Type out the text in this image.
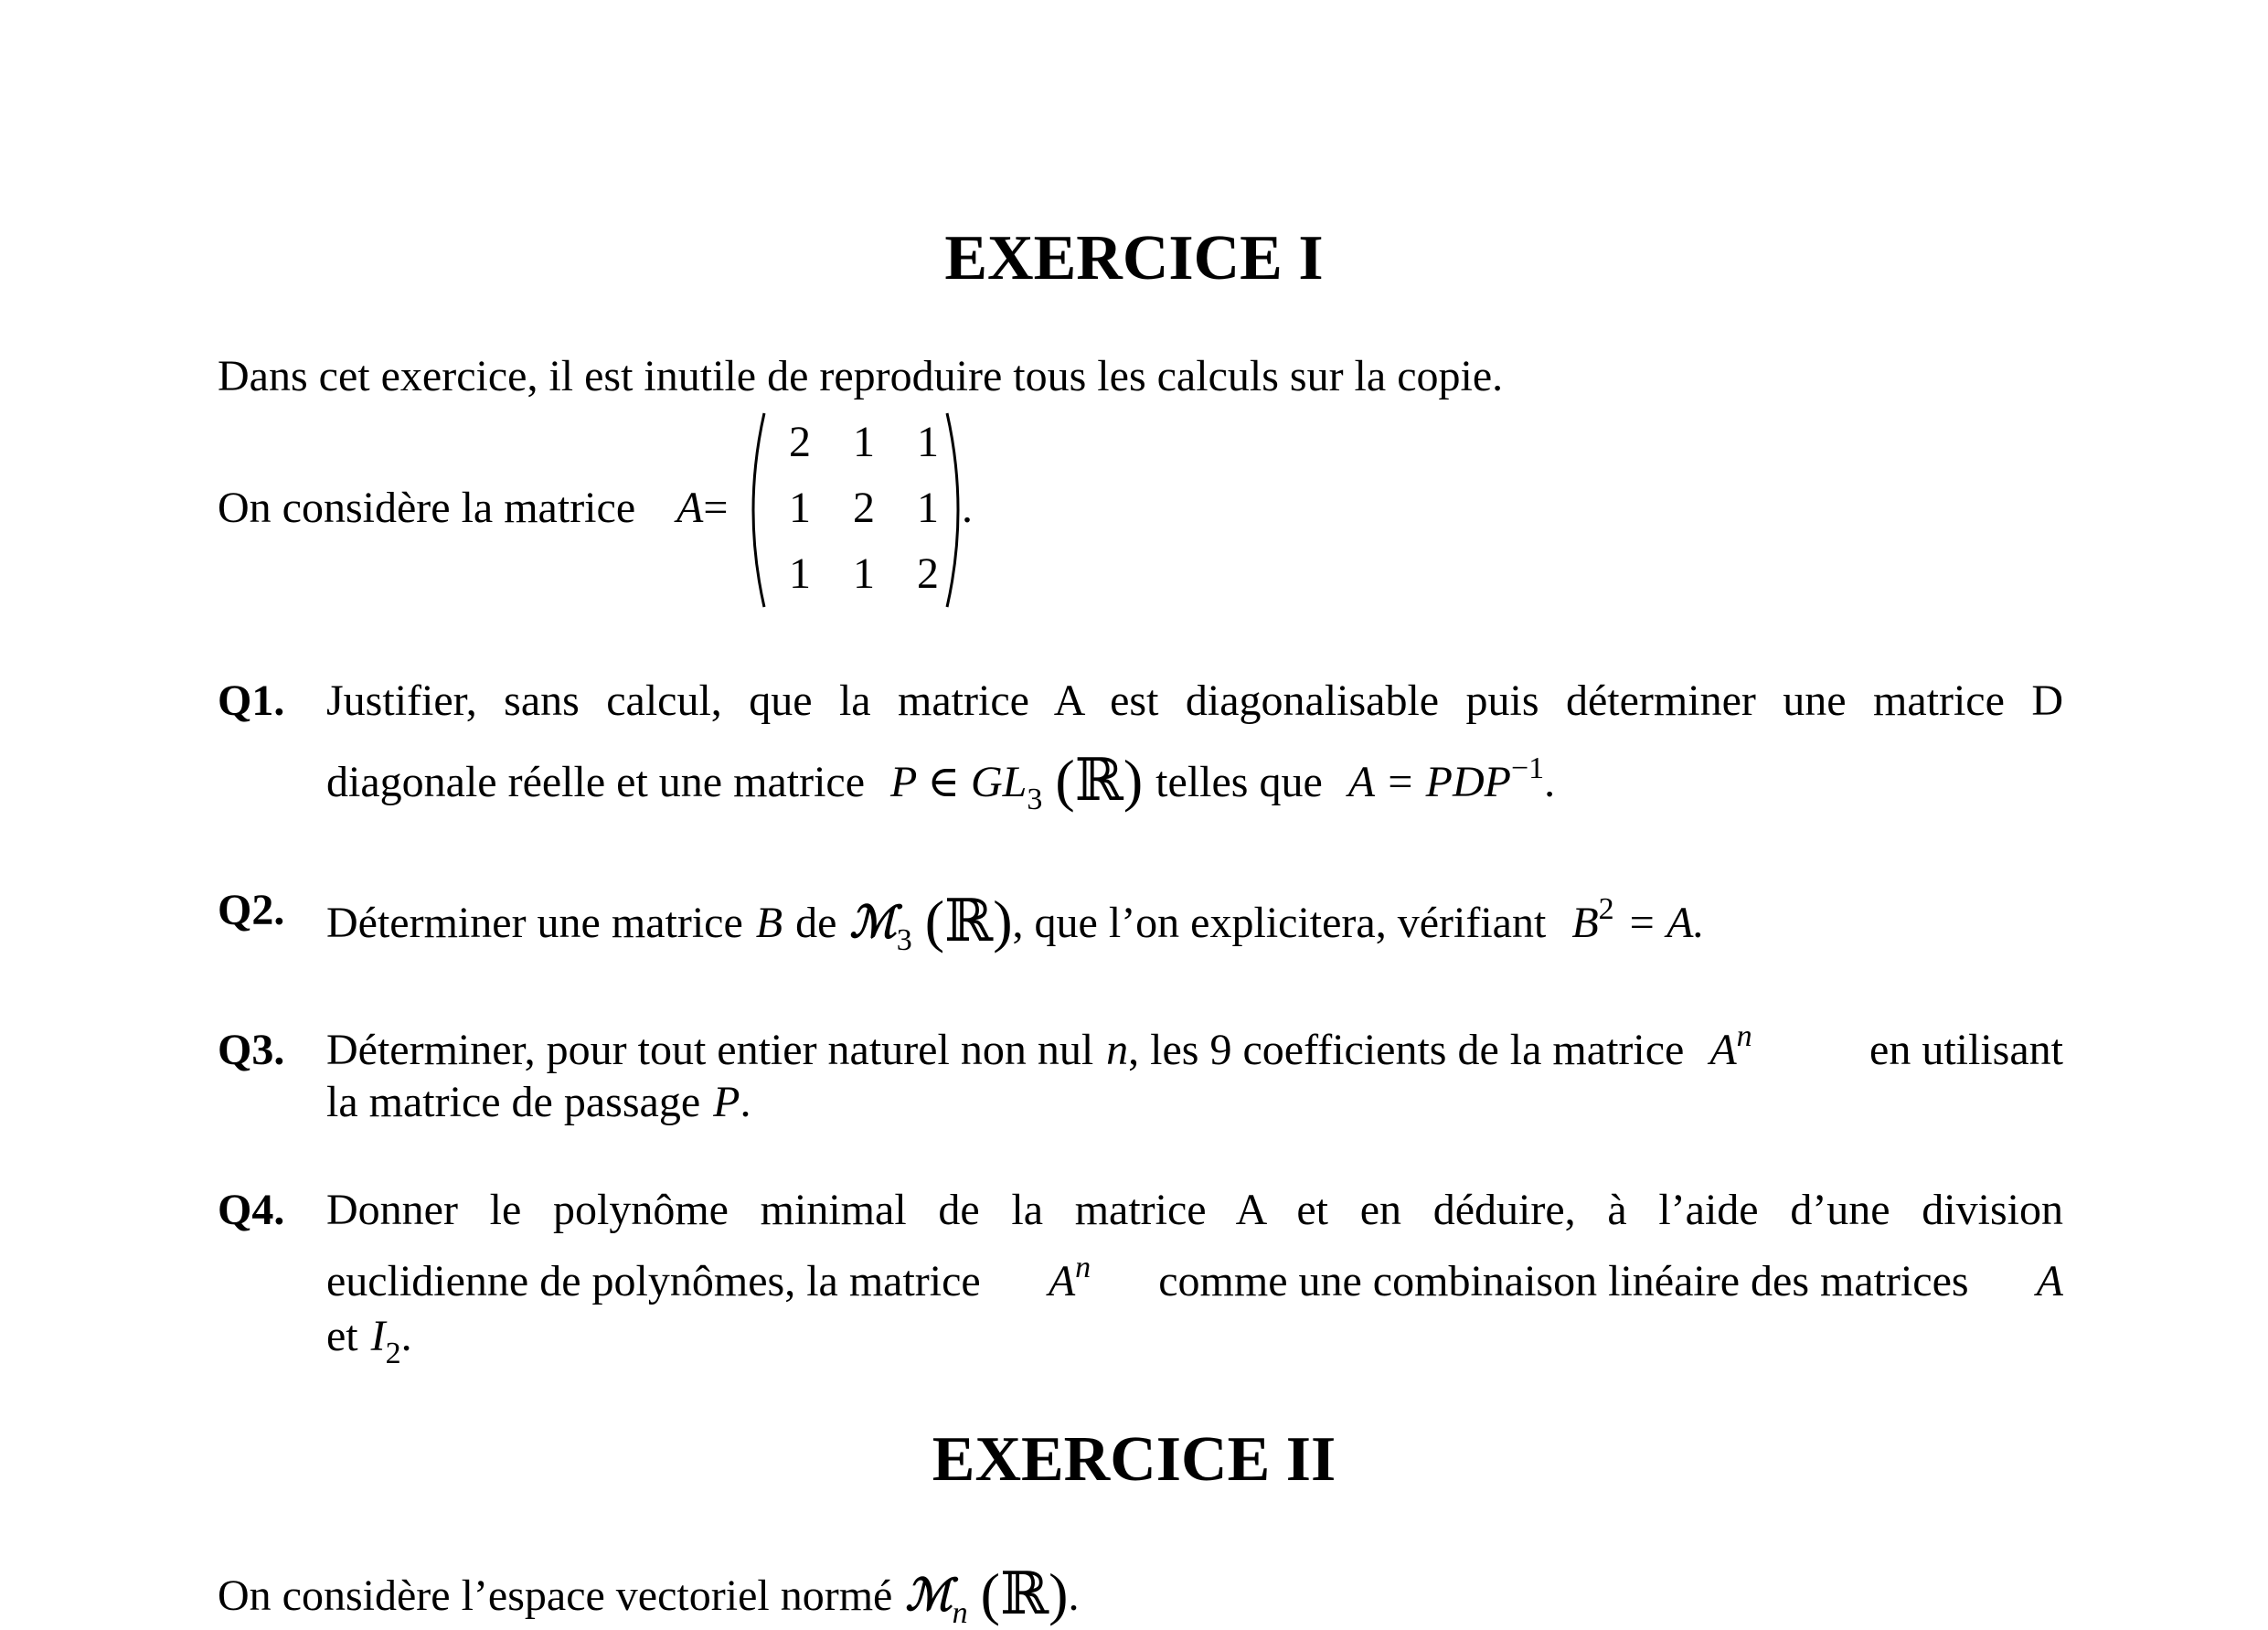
EXERCICE I
Dans cet exercice, il est inutile de reproduire tous les calculs sur la copie.
On considère la matrice A=
2 1 1
1 2 1
1 1 2
.
Q1. Justifier, sans calcul, que la matrice A est diagonalisable puis déterminer une matrice D
diagonale réelle et une matrice P ∈ $GL_3$ (ℝ) telles que $A = PDP^{-1}$.
Q2. Déterminer une matrice B de ℳ$_3$ (ℝ), que l’on explicitera, vérifiant $B^2 = A$.
Q3. Déterminer, pour tout entier naturel non nul n, les 9 coefficients de la matrice $A^n$	en utilisant
la matrice de passage P.
Q4. Donner le polynôme minimal de la matrice A et en déduire, à l’aide d’une division
euclidienne de polynômes, la matrice $A^n$ comme une combinaison linéaire des matrices A
et $I_2$.
EXERCICE II
On considère l’espace vectoriel normé ℳ$_n$ (ℝ).
